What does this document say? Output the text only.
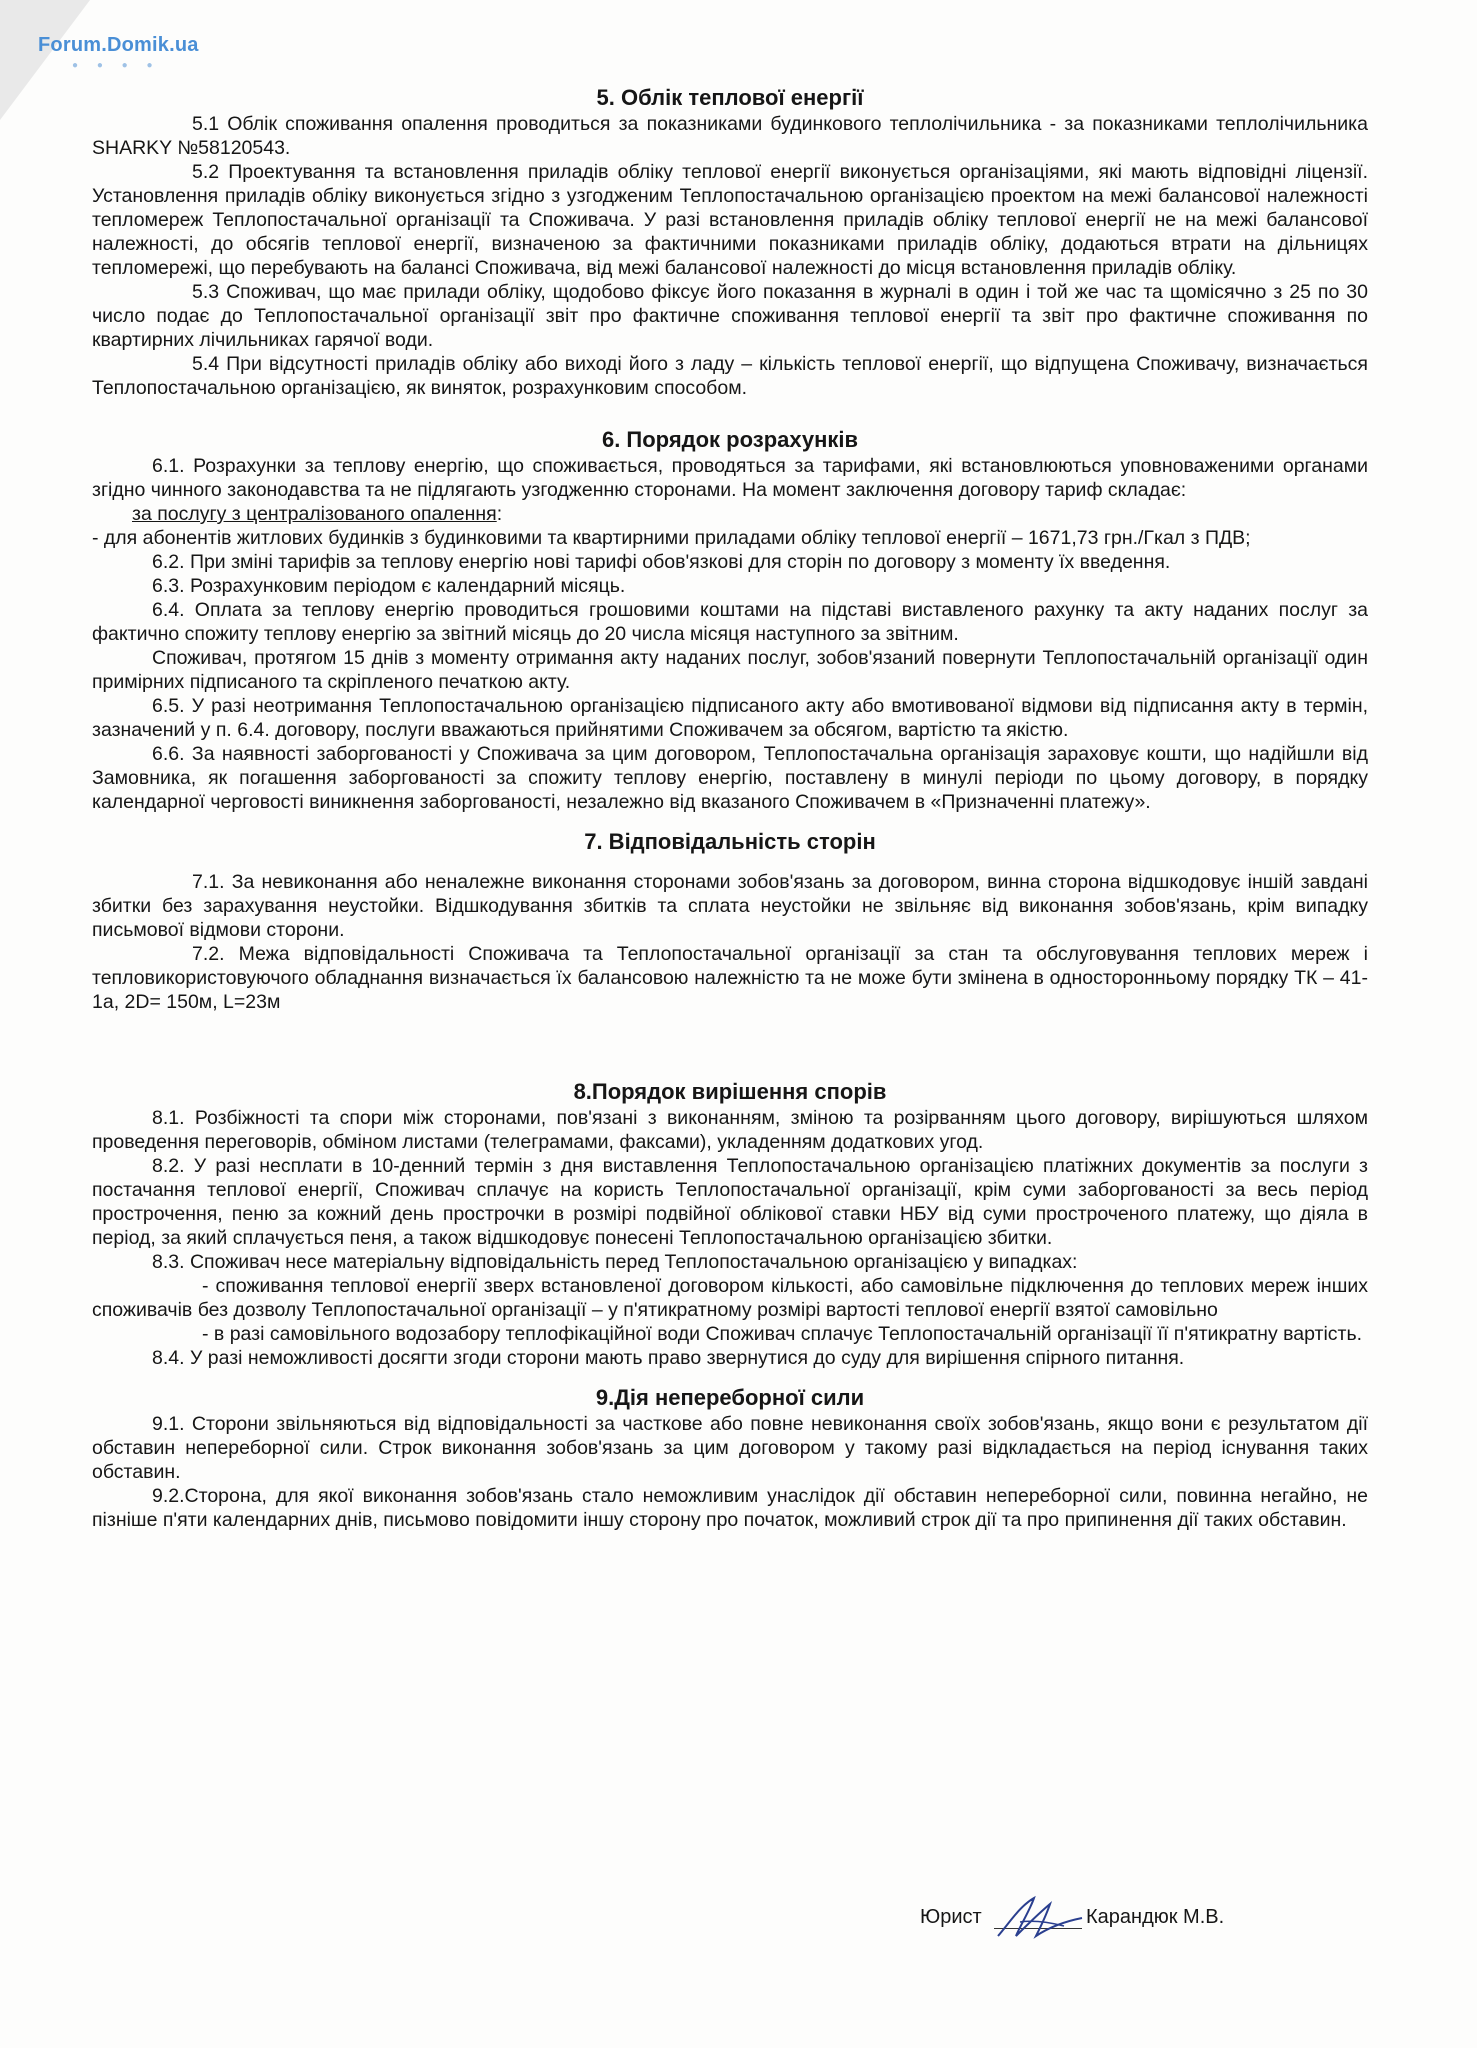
Forum.Domik.ua
● ● ● ●
5. Облік теплової енергії

5.1 Облік споживання опалення проводиться за показниками будинкового теплолічильника - за показниками теплолічильника SHARKY №58120543.

5.2 Проектування та встановлення приладів обліку теплової енергії виконується організаціями, які мають відповідні ліцензії. Установлення приладів обліку виконується згідно з узгодженим Теплопостачальною організацією проектом на межі балансової належності тепломереж Теплопостачальної організації та Споживача. У разі встановлення приладів обліку теплової енергії не на межі балансової належності, до обсягів теплової енергії, визначеною за фактичними показниками приладів обліку, додаються втрати на дільницях тепломережі, що перебувають на балансі Споживача, від межі балансової належності до місця встановлення приладів обліку.

5.3 Споживач, що має прилади обліку, щодобово фіксує його показання в журналі в один і той же час та щомісячно з 25 по 30 число подає до Теплопостачальної організації звіт про фактичне споживання теплової енергії та звіт про фактичне споживання по квартирних лічильниках гарячої води.

5.4 При відсутності приладів обліку або виході його з ладу – кількість теплової енергії, що відпущена Споживачу, визначається Теплопостачальною організацією, як виняток, розрахунковим способом.

6. Порядок розрахунків

6.1. Розрахунки за теплову енергію, що споживається, проводяться за тарифами, які встановлюються уповноваженими органами згідно чинного законодавства та не підлягають узгодженню сторонами. На момент заключення договору тариф складає:

за послугу з централізованого опалення:

- для абонентів житлових будинків з будинковими та квартирними приладами обліку теплової енергії – 1671,73 грн./Гкал з ПДВ;

6.2. При зміні тарифів за теплову енергію нові тарифі обов'язкові для сторін по договору з моменту їх введення.

6.3. Розрахунковим періодом є календарний місяць.

6.4. Оплата за теплову енергію проводиться грошовими коштами на підставі виставленого рахунку та акту наданих послуг за фактично спожиту теплову енергію за звітний місяць до 20 числа місяця наступного за звітним.

Споживач, протягом 15 днів з моменту отримання акту наданих послуг, зобов'язаний повернути Теплопостачальній організації один примірних підписаного та скріпленого печаткою акту.

6.5. У разі неотримання Теплопостачальною організацією підписаного акту або вмотивованої відмови від підписання акту в термін, зазначений у п. 6.4. договору, послуги вважаються прийнятими Споживачем за обсягом, вартістю та якістю.

6.6. За наявності заборгованості у Споживача за цим договором, Теплопостачальна організація зараховує кошти, що надійшли від Замовника, як погашення заборгованості за спожиту теплову енергію, поставлену в минулі періоди по цьому договору, в порядку календарної черговості виникнення заборгованості, незалежно від вказаного Споживачем в «Призначенні платежу».

7. Відповідальність сторін

7.1. За невиконання або неналежне виконання сторонами зобов'язань за договором, винна сторона відшкодовує іншій завдані збитки без зарахування неустойки. Відшкодування збитків та сплата неустойки не звільняє від виконання зобов'язань, крім випадку письмової відмови сторони.

7.2. Межа відповідальності Споживача та Теплопостачальної організації за стан та обслуговування теплових мереж і тепловикористовуючого обладнання визначається їх балансовою належністю та не може бути змінена в односторонньому порядку ТК – 41-1а, 2D= 150м, L=23м

8.Порядок вирішення спорів

8.1. Розбіжності та спори між сторонами, пов'язані з виконанням, зміною та розірванням цього договору, вирішуються шляхом проведення переговорів, обміном листами (телеграмами, факсами), укладенням додаткових угод.

8.2. У разі несплати в 10-денний термін з дня виставлення Теплопостачальною організацією платіжних документів за послуги з постачання теплової енергії, Споживач сплачує на користь Теплопостачальної організації, крім суми заборгованості за весь період прострочення, пеню за кожний день прострочки в розмірі подвійної облікової ставки НБУ від суми простроченого платежу, що діяла в період, за який сплачується пеня, а також відшкодовує понесені Теплопостачальною організацією збитки.

8.3. Споживач несе матеріальну відповідальність перед Теплопостачальною організацією у випадках:

- споживання теплової енергії зверх встановленої договором кількості, або самовільне підключення до теплових мереж інших споживачів без дозволу Теплопостачальної організації – у п'ятикратному розмірі вартості теплової енергії взятої самовільно

- в разі самовільного водозабору теплофікаційної води Споживач сплачує Теплопостачальній організації її п'ятикратну вартість.

8.4. У разі неможливості досягти згоди сторони мають право звернутися до суду для вирішення спірного питання.

9.Дія непереборної сили

9.1. Сторони звільняються від відповідальності за часткове або повне невиконання своїх зобов'язань, якщо вони є результатом дії обставин непереборної сили. Строк виконання зобов'язань за цим договором у такому разі відкладається на період існування таких обставин.

9.2.Сторона, для якої виконання зобов'язань стало неможливим унаслідок дії обставин непереборної сили, повинна негайно, не пізніше п'яти календарних днів, письмово повідомити іншу сторону про початок, можливий строк дії та про припинення дії таких обставин.

Юрист	Карандюк М.В.
